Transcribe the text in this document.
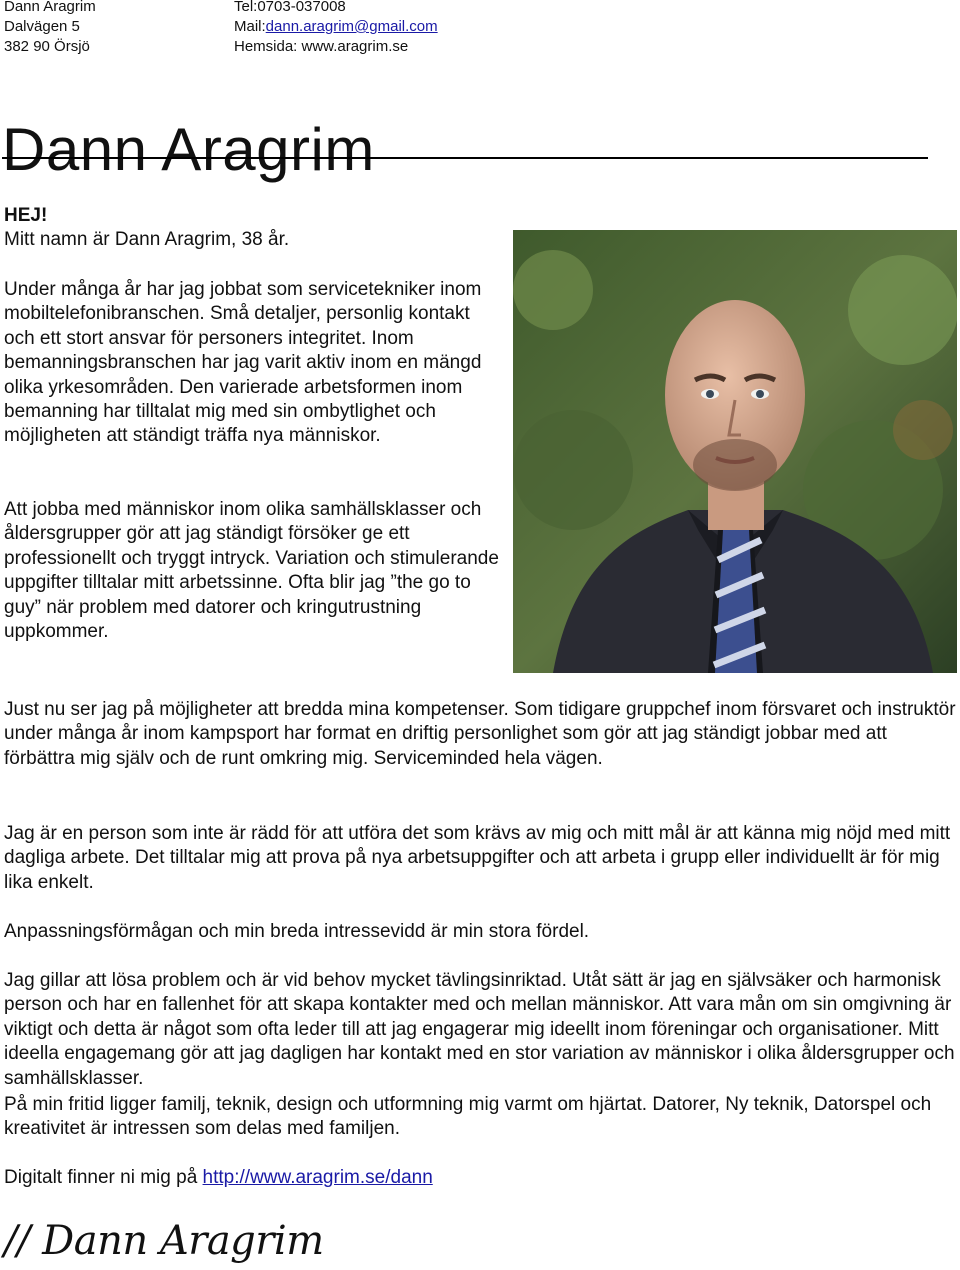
Dann Aragrim
Dalvägen 5
382 90 Örsjö
Tel:0703-037008
Mail:dann.aragrim@gmail.com
Hemsida: www.aragrim.se
Dann Aragrim

HEJ!
Mitt namn är Dann Aragrim, 38 år.

Under många år har jag jobbat som servicetekniker inom mobiltelefonibranschen. Små detaljer, personlig kontakt och ett stort ansvar för personers integritet. Inom bemanningsbranschen har jag varit aktiv inom en mängd olika yrkesområden. Den varierade arbetsformen inom bemanning har tilltalat mig med sin ombytlighet och möjligheten att ständigt träffa nya människor.

Att jobba med människor inom olika samhällsklasser och åldersgrupper gör att jag ständigt försöker ge ett professionellt och tryggt intryck. Variation och stimulerande uppgifter tilltalar mitt arbetssinne. Ofta blir jag ”the go to guy” när problem med datorer och kringutrustning uppkommer.

Just nu ser jag på möjligheter att bredda mina kompetenser. Som tidigare gruppchef inom försvaret och instruktör under många år inom kampsport har format en driftig personlighet som gör att jag ständigt jobbar med att förbättra mig själv och de runt omkring mig. Serviceminded hela vägen.

Jag är en person som inte är rädd för att utföra det som krävs av mig och mitt mål är att känna mig nöjd med mitt dagliga arbete. Det tilltalar mig att prova på nya arbetsuppgifter och att arbeta i grupp eller individuellt är för mig lika enkelt.

Anpassningsförmågan och min breda intressevidd är min stora fördel.

Jag gillar att lösa problem och är vid behov mycket tävlingsinriktad. Utåt sätt är jag en självsäker och harmonisk person och har en fallenhet för att skapa kontakter med och mellan människor. Att vara mån om sin omgivning är viktigt och detta är något som ofta leder till att jag engagerar mig ideellt inom föreningar och organisationer. Mitt ideella engagemang gör att jag dagligen har kontakt med en stor variation av människor i olika åldersgrupper och samhällsklasser.

På min fritid ligger familj, teknik, design och utformning mig varmt om hjärtat. Datorer, Ny teknik, Datorspel och kreativitet är intressen som delas med familjen.

Digitalt finner ni mig på http://www.aragrim.se/dann

// Dann Aragrim
